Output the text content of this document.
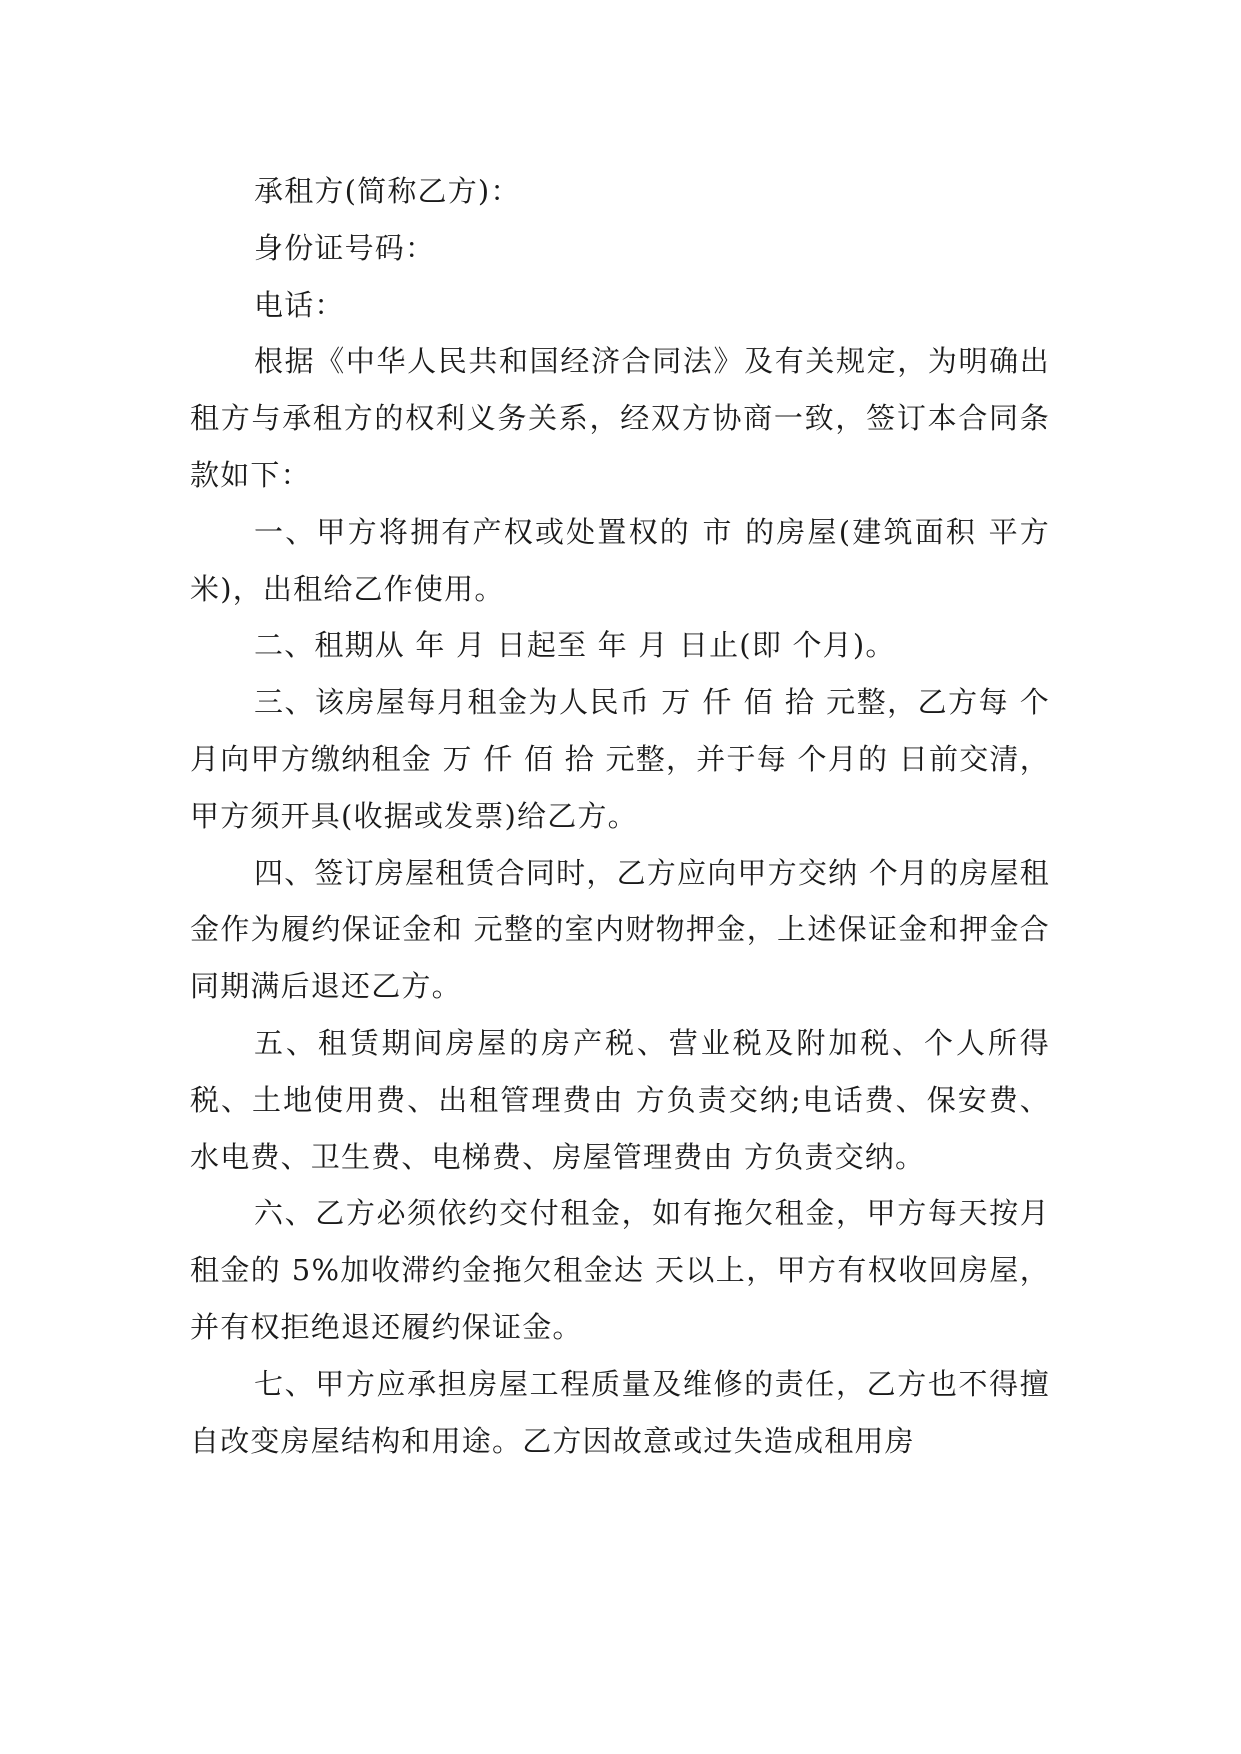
承租方(简称乙方)：

身份证号码：

电话：

根据《中华人民共和国经济合同法》及有关规定，为明确出租方与承租方的权利义务关系，经双方协商一致，签订本合同条款如下：

一、甲方将拥有产权或处置权的 市 的房屋(建筑面积 平方米)，出租给乙作使用。

二、租期从 年 月 日起至 年 月 日止(即 个月)。

三、该房屋每月租金为人民币 万 仟 佰 拾 元整，乙方每 个月向甲方缴纳租金 万 仟 佰 拾 元整，并于每 个月的 日前交清，甲方须开具(收据或发票)给乙方。

四、签订房屋租赁合同时，乙方应向甲方交纳 个月的房屋租金作为履约保证金和 元整的室内财物押金，上述保证金和押金合同期满后退还乙方。

五、租赁期间房屋的房产税、营业税及附加税、个人所得税、土地使用费、出租管理费由 方负责交纳;电话费、保安费、水电费、卫生费、电梯费、房屋管理费由 方负责交纳。

六、乙方必须依约交付租金，如有拖欠租金，甲方每天按月租金的 5%加收滞约金拖欠租金达 天以上，甲方有权收回房屋，并有权拒绝退还履约保证金。

七、甲方应承担房屋工程质量及维修的责任，乙方也不得擅自改变房屋结构和用途。乙方因故意或过失造成租用房
